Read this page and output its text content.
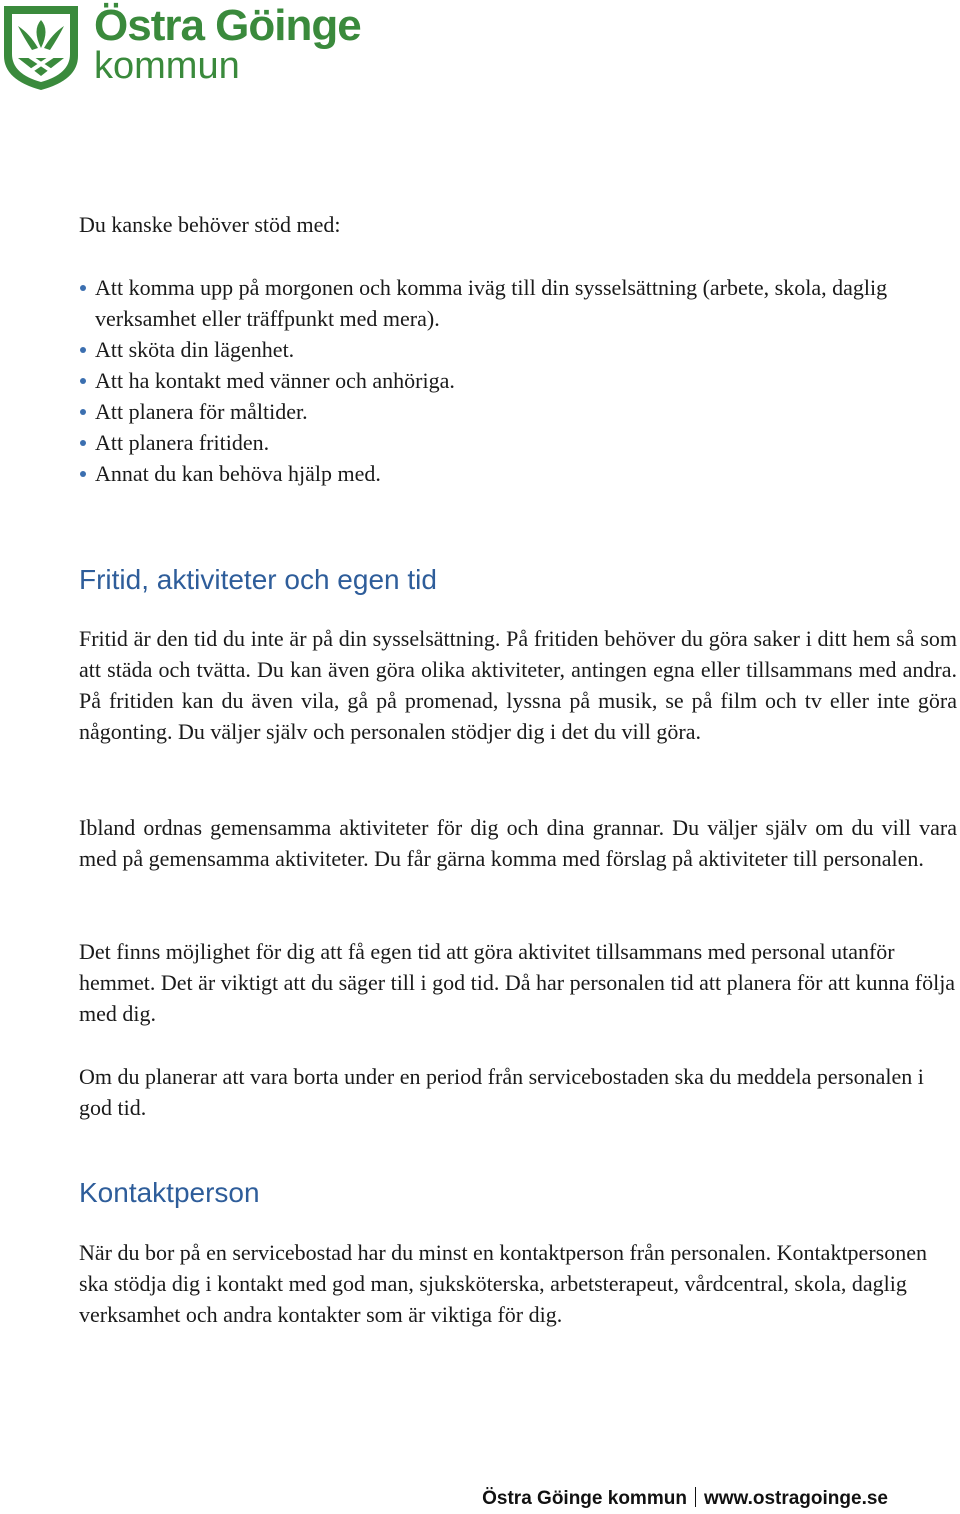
Östra Göinge
kommun
Du kanske behöver stöd med:
Att komma upp på morgonen och komma iväg till din sysselsättning (arbete, skola, daglig verksamhet eller träffpunkt med mera).
Att sköta din lägenhet.
Att ha kontakt med vänner och anhöriga.
Att planera för måltider.
Att planera fritiden.
Annat du kan behöva hjälp med.
Fritid, aktiviteter och egen tid

Fritid är den tid du inte är på din sysselsättning. På fritiden behöver du göra saker i ditt hem så som att städa och tvätta. Du kan även göra olika aktiviteter, antingen egna eller tillsammans med andra. På fritiden kan du även vila, gå på promenad, lyssna på musik, se på film och tv eller inte göra någonting. Du väljer själv och personalen stödjer dig i det du vill göra.

Ibland ordnas gemensamma aktiviteter för dig och dina grannar. Du väljer själv om du vill vara med på gemensamma aktiviteter. Du får gärna komma med förslag på aktiviteter till personalen.

Det finns möjlighet för dig att få egen tid att göra aktivitet tillsammans med personal utanför hemmet. Det är viktigt att du säger till i god tid. Då har personalen tid att planera för att kunna följa med dig.

Om du planerar att vara borta under en period från servicebostaden ska du meddela personalen i god tid.

Kontaktperson

När du bor på en servicebostad har du minst en kontaktperson från personalen. Kontaktpersonen ska stödja dig i kontakt med god man, sjuksköterska, arbetsterapeut, vårdcentral, skola, daglig verksamhet och andra kontakter som är viktiga för dig.

Östra Göinge kommun www.ostragoinge.se
